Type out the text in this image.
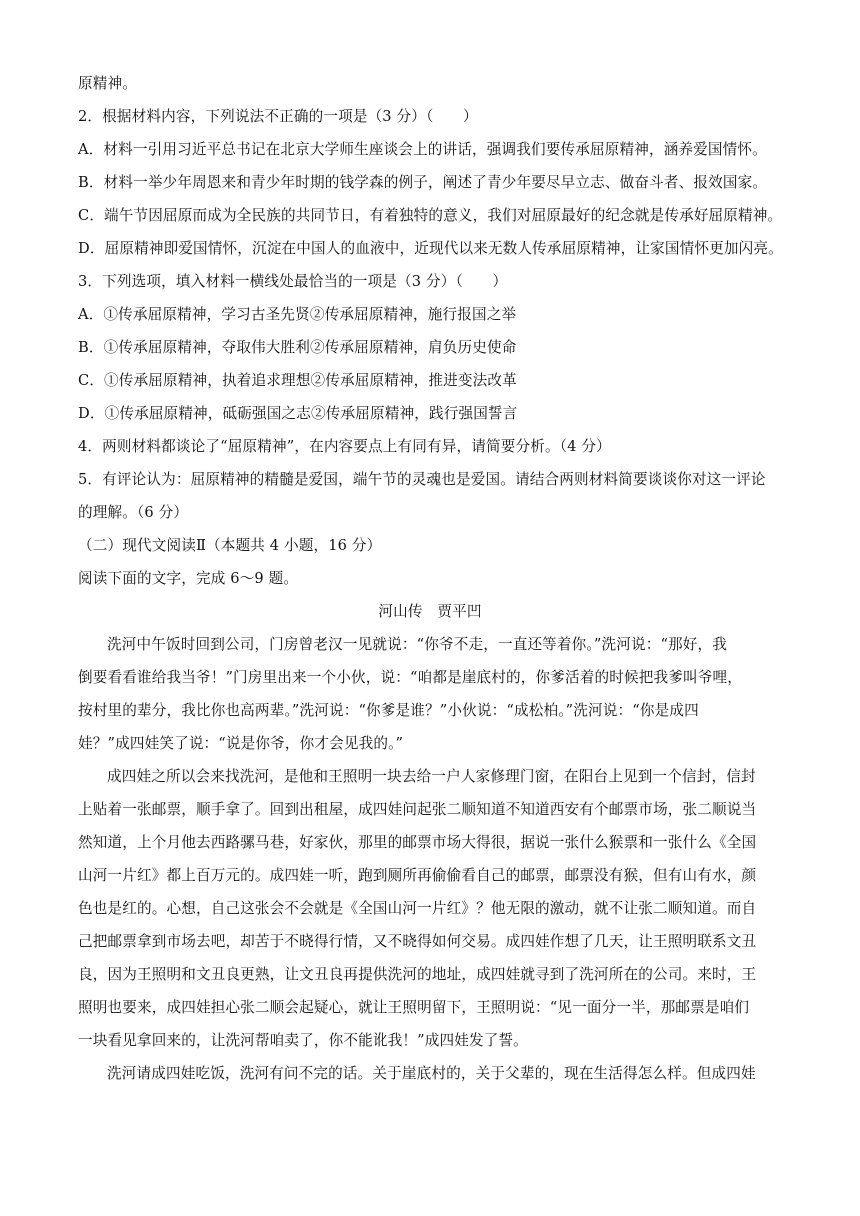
原精神。
2．根据材料内容，下列说法不正确的一项是（3 分）（　　）
A．材料一引用习近平总书记在北京大学师生座谈会上的讲话，强调我们要传承屈原精神，涵养爱国情怀。
B．材料一举少年周恩来和青少年时期的钱学森的例子，阐述了青少年要尽早立志、做奋斗者、报效国家。
C．端午节因屈原而成为全民族的共同节日，有着独特的意义，我们对屈原最好的纪念就是传承好屈原精神。
D．屈原精神即爱国情怀，沉淀在中国人的血液中，近现代以来无数人传承屈原精神，让家国情怀更加闪亮。
3．下列选项，填入材料一横线处最恰当的一项是（3 分）（　　）
A．①传承屈原精神，学习古圣先贤②传承屈原精神，施行报国之举
B．①传承屈原精神，夺取伟大胜利②传承屈原精神，肩负历史使命
C．①传承屈原精神，执着追求理想②传承屈原精神，推进变法改革
D．①传承屈原精神，砥砺强国之志②传承屈原精神，践行强国誓言
4．两则材料都谈论了“屈原精神”，在内容要点上有同有异，请简要分析。（4 分）
5．有评论认为：屈原精神的精髓是爱国，端午节的灵魂也是爱国。请结合两则材料简要谈谈你对这一评论
的理解。（6 分）
（二）现代文阅读Ⅱ（本题共 4 小题，16 分）
阅读下面的文字，完成 6～9 题。
河山传　贾平凹
洗河中午饭时回到公司，门房曾老汉一见就说：“你爷不走，一直还等着你。”洗河说：“那好，我
倒要看看谁给我当爷！”门房里出来一个小伙，说：“咱都是崖底村的，你爹活着的时候把我爹叫爷哩，
按村里的辈分，我比你也高两辈。”洗河说：“你爹是谁？”小伙说：“成松柏。”洗河说：“你是成四
娃？”成四娃笑了说：“说是你爷，你才会见我的。”
成四娃之所以会来找洗河，是他和王照明一块去给一户人家修理门窗，在阳台上见到一个信封，信封
上贴着一张邮票，顺手拿了。回到出租屋，成四娃问起张二顺知道不知道西安有个邮票市场，张二顺说当
然知道，上个月他去西路骡马巷，好家伙，那里的邮票市场大得很，据说一张什么猴票和一张什么《全国
山河一片红》都上百万元的。成四娃一听，跑到厕所再偷偷看自己的邮票，邮票没有猴，但有山有水，颜
色也是红的。心想，自己这张会不会就是《全国山河一片红》？他无限的激动，就不让张二顺知道。而自
己把邮票拿到市场去吧，却苦于不晓得行情，又不晓得如何交易。成四娃作想了几天，让王照明联系文丑
良，因为王照明和文丑良更熟，让文丑良再提供洗河的地址，成四娃就寻到了洗河所在的公司。来时，王
照明也要来，成四娃担心张二顺会起疑心，就让王照明留下，王照明说：“见一面分一半，那邮票是咱们
一块看见拿回来的，让洗河帮咱卖了，你不能讹我！”成四娃发了誓。
洗河请成四娃吃饭，洗河有问不完的话。关于崖底村的，关于父辈的，现在生活得怎么样。但成四娃
